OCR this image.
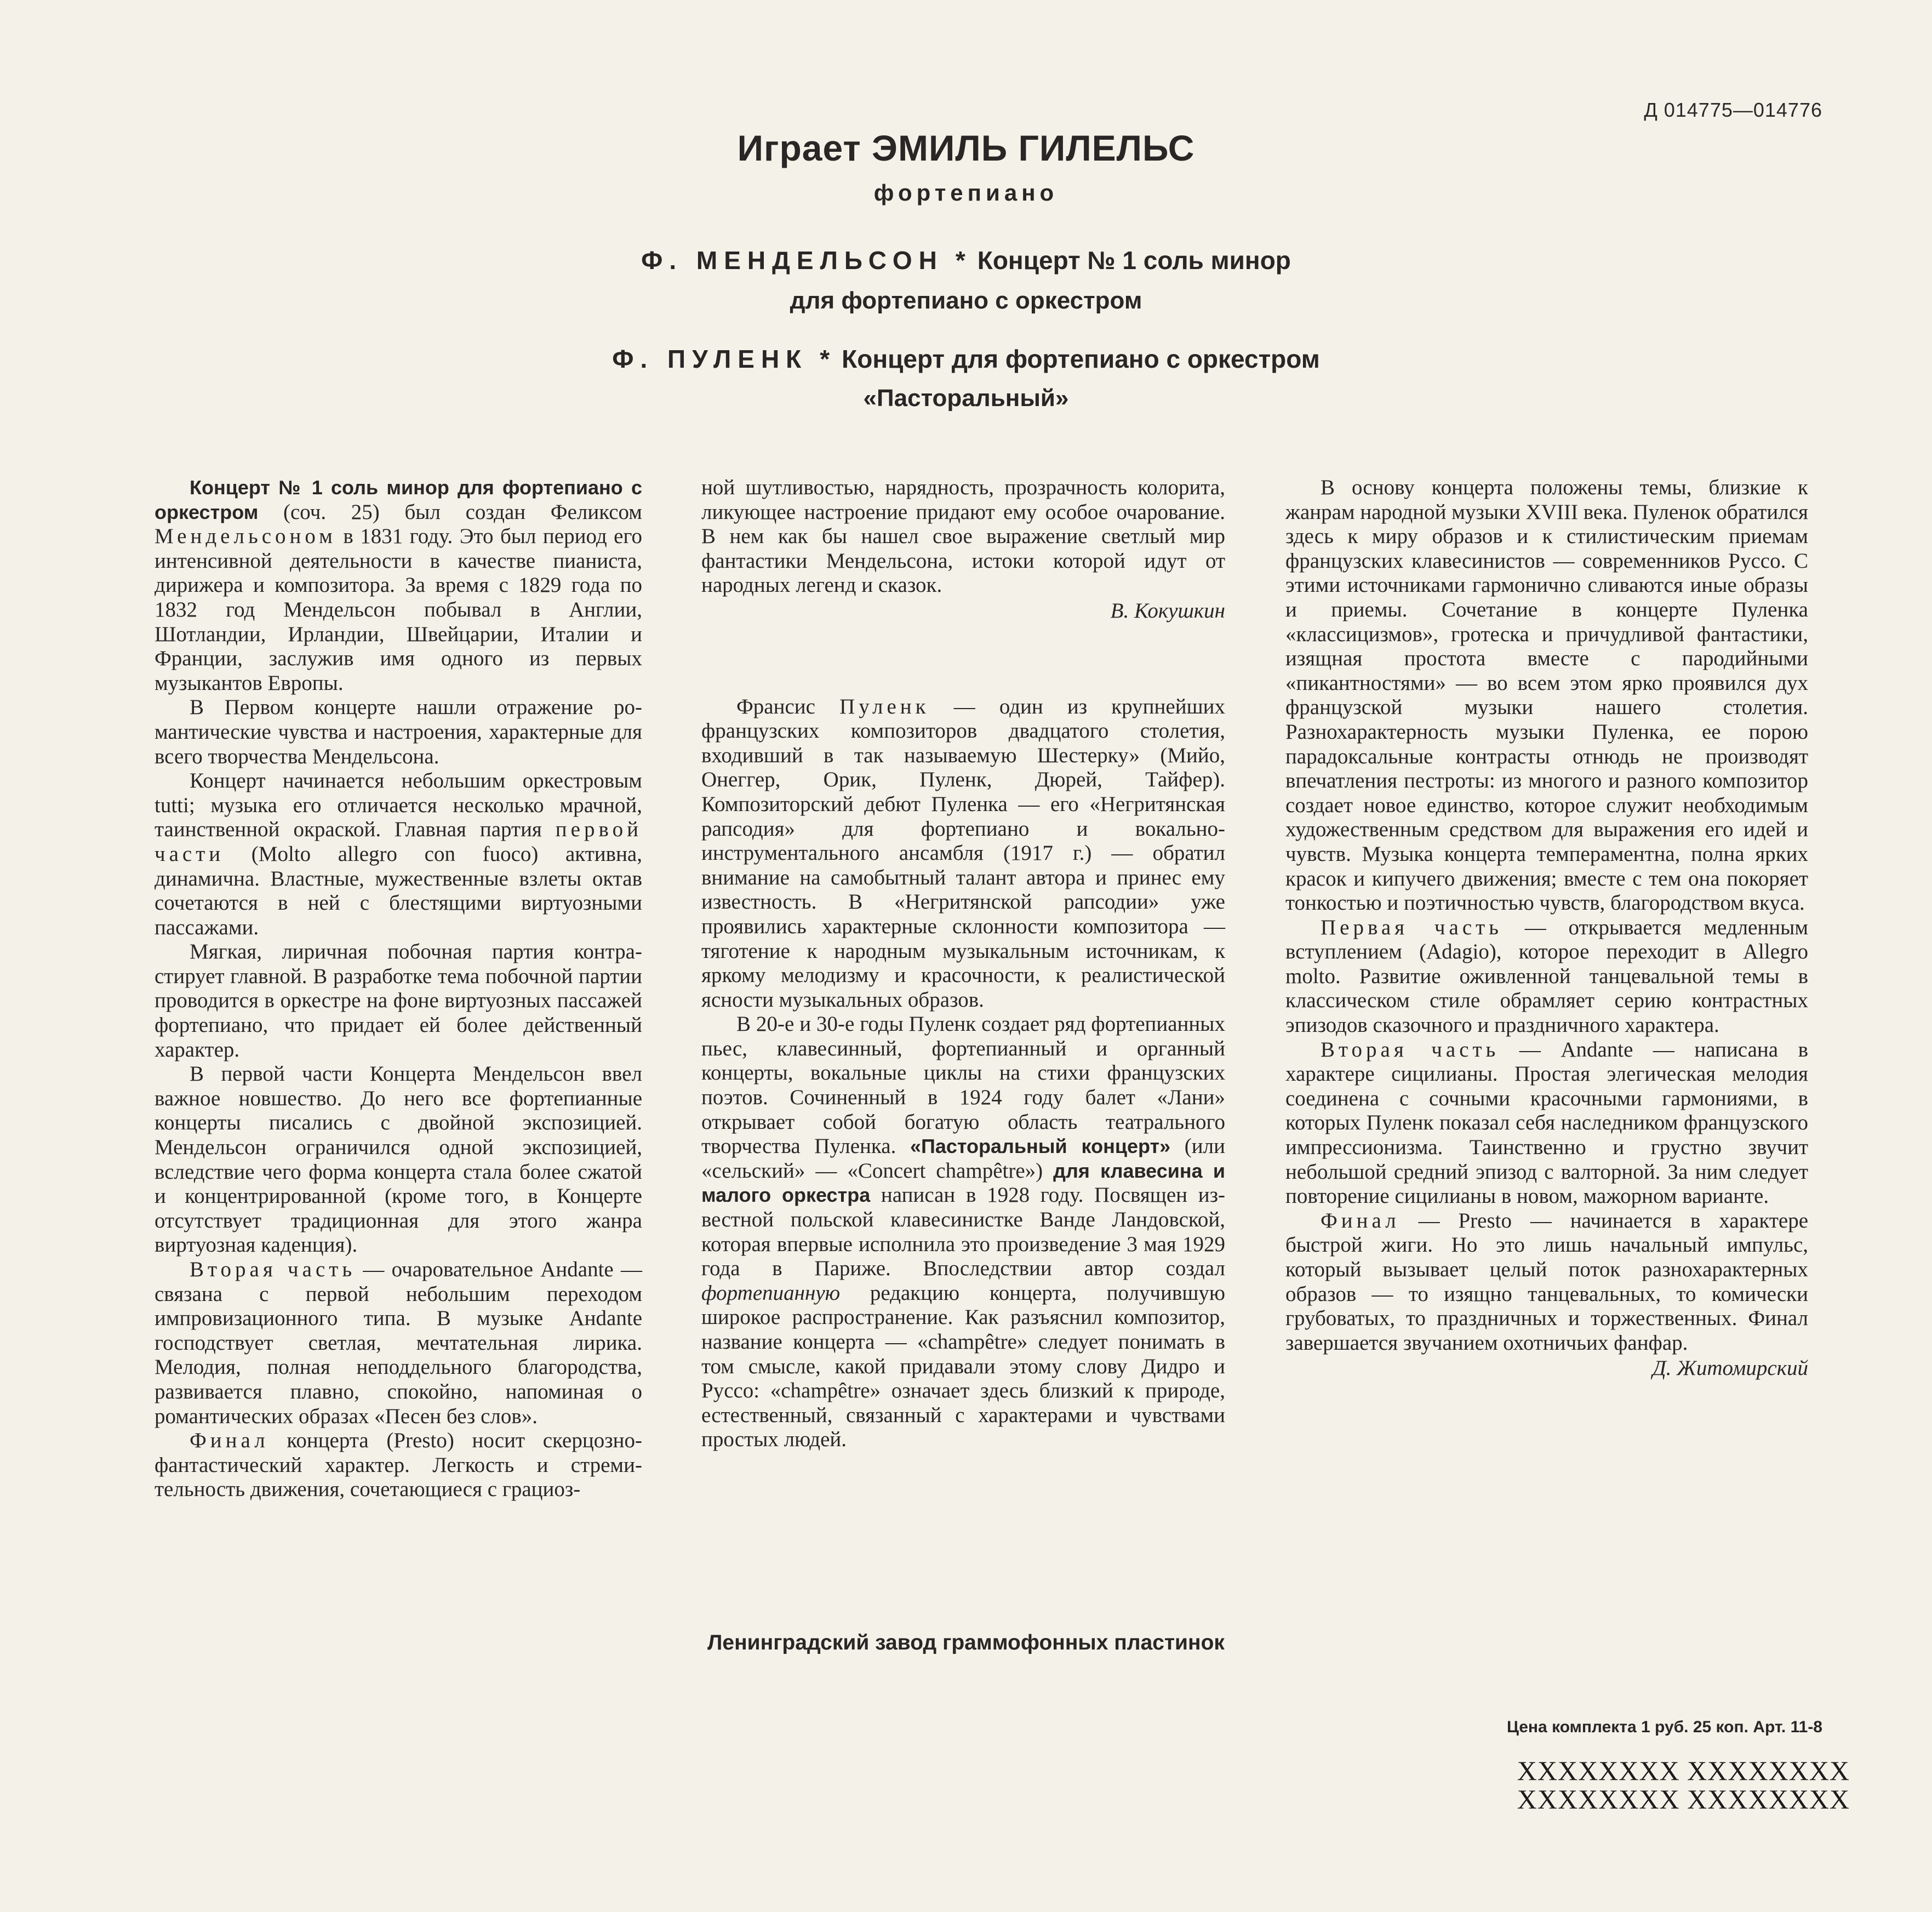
Д 014775—014776
Играет ЭМИЛЬ ГИЛЕЛЬС
фортепиано
Ф. МЕНДЕЛЬСОН * Концерт № 1 соль минор
для фортепиано с оркестром
Ф. ПУЛЕНК * Концерт для фортепиано с оркестром
«Пасторальный»

Концерт № 1 соль минор для фортепиано с оркестром (соч. 25) был создан Феликсом Мендельсоном в 1831 году. Это был период его интенсивной деятельности в качестве пианиста, дирижера и композитора. За время с 1829 года по 1832 год Мендельсон побывал в Англии, Шотландии, Ирландии, Швейцарии, Италии и Франции, заслужив имя одного из первых музыкантов Европы.

В Первом концерте нашли отражение романтические чувства и настроения, характерные для всего творчества Мендельсона.

Концерт начинается небольшим оркестровым tutti; музыка его отличается несколько мрачной, таинственной окраской. Главная партия первой части (Molto allegro con fuoco) активна, динамична. Властные, мужественные взлеты октав сочетаются в ней с блестящими виртуозными пассажами.

Мягкая, лиричная побочная партия контрастирует главной. В разработке тема побочной партии проводится в оркестре на фоне виртуозных пассажей фортепиано, что придает ей более действенный характер.

В первой части Концерта Мендельсон ввел важное новшество. До него все фортепианные концерты писались с двойной экспозицией. Мендельсон ограничился одной экспозицией, вследствие чего форма концерта стала более сжатой и концентрированной (кроме того, в Концерте отсутствует традиционная для этого жанра виртуозная каденция).

Вторая часть — очаровательное Анdante — связана с первой небольшим переходом импровизационного типа. В музыке Анdante господствует светлая, мечтательная лирика. Мелодия, полная неподдельного благородства, развивается плавно, спокойно, напоминая о романтических образах «Песен без слов».

Финал концерта (Presto) носит скерцозно-фантастический характер. Легкость и стремительность движения, сочетающиеся с грациоз-

ной шутливостью, нарядность, прозрачность колорита, ликующее настроение придают ему особое очарование. В нем как бы нашел свое выражение светлый мир фантастики Мендельсона, истоки которой идут от народных легенд и сказок.

В. Кокушкин

Франсис Пуленк — один из крупнейших французских композиторов двадцатого столетия, входивший в так называемую Шестерку» (Мийо, Онеггер, Орик, Пуленк, Дюрей, Тайфер). Композиторский дебют Пуленка — его «Негритянская рапсодия» для фортепиано и вокально-инструментального ансамбля (1917 г.) — обратил внимание на самобытный талант автора и принес ему известность. В «Негритянской рапсодии» уже проявились характерные склонности композитора — тяготение к народным музыкальным источникам, к яркому мелодизму и красочности, к реалистической ясности музыкальных образов.

В 20-е и 30-е годы Пуленк создает ряд фортепианных пьес, клавесинный, фортепианный и органный концерты, вокальные циклы на стихи французских поэтов. Сочиненный в 1924 году балет «Лани» открывает собой богатую область театрального творчества Пуленка. «Пасторальный концерт» (или «сельский» — «Concert champêtre») для клавесина и малого оркестра написан в 1928 году. Посвящен известной польской клавесинистке Ванде Ландовской, которая впервые исполнила это произведение 3 мая 1929 года в Париже. Впоследствии автор создал фортепианную редакцию концерта, получившую широкое распространение. Как разъяснил композитор, название концерта — «champêtre» следует понимать в том смысле, какой придавали этому слову Дидро и Руссо: «champêtre» означает здесь близкий к природе, естественный, связанный с характерами и чувствами простых людей.

В основу концерта положены темы, близкие к жанрам народной музыки XVIII века. Пуленок обратился здесь к миру образов и к стилистическим приемам французских клавесинистов — современников Руссо. С этими источниками гармонично сливаются иные образы и приемы. Сочетание в концерте Пуленка «классицизмов», гротеска и причудливой фантастики, изящная простота вместе с пародийными «пикантностями» — во всем этом ярко проявился дух французской музыки нашего столетия. Разнохарактерность музыки Пуленка, ее порою парадоксальные контрасты отнюдь не производят впечатления пестроты: из многого и разного композитор создает новое единство, которое служит необходимым художественным средством для выражения его идей и чувств. Музыка концерта темпераментна, полна ярких красок и кипучего движения; вместе с тем она покоряет тонкостью и поэтичностью чувств, благородством вкуса.

Первая часть — открывается медленным вступлением (Adagio), которое переходит в Allegro molto. Развитие оживленной танцевальной темы в классическом стиле обрамляет серию контрастных эпизодов сказочного и праздничного характера.

Вторая часть — Andante — написана в характере сицилианы. Простая элегическая мелодия соединена с сочными красочными гармониями, в которых Пуленк показал себя наследником французского импрессионизма. Таинственно и грустно звучит небольшой средний эпизод с валторной. За ним следует повторение сицилианы в новом, мажорном варианте.

Финал — Presto — начинается в характере быстрой жиги. Но это лишь начальный импульс, который вызывает целый поток разнохарактерных образов — то изящно танцевальных, то комически грубоватых, то праздничных и торжественных. Финал завершается звучанием охотничьих фанфар.

Д. Житомирский

Ленинградский завод граммофонных пластинок
Цена комплекта 1 руб. 25 коп. Арт. 11-8
XXXXXXXX XXXXXXXX
XXXXXXXX XXXXXXXX
